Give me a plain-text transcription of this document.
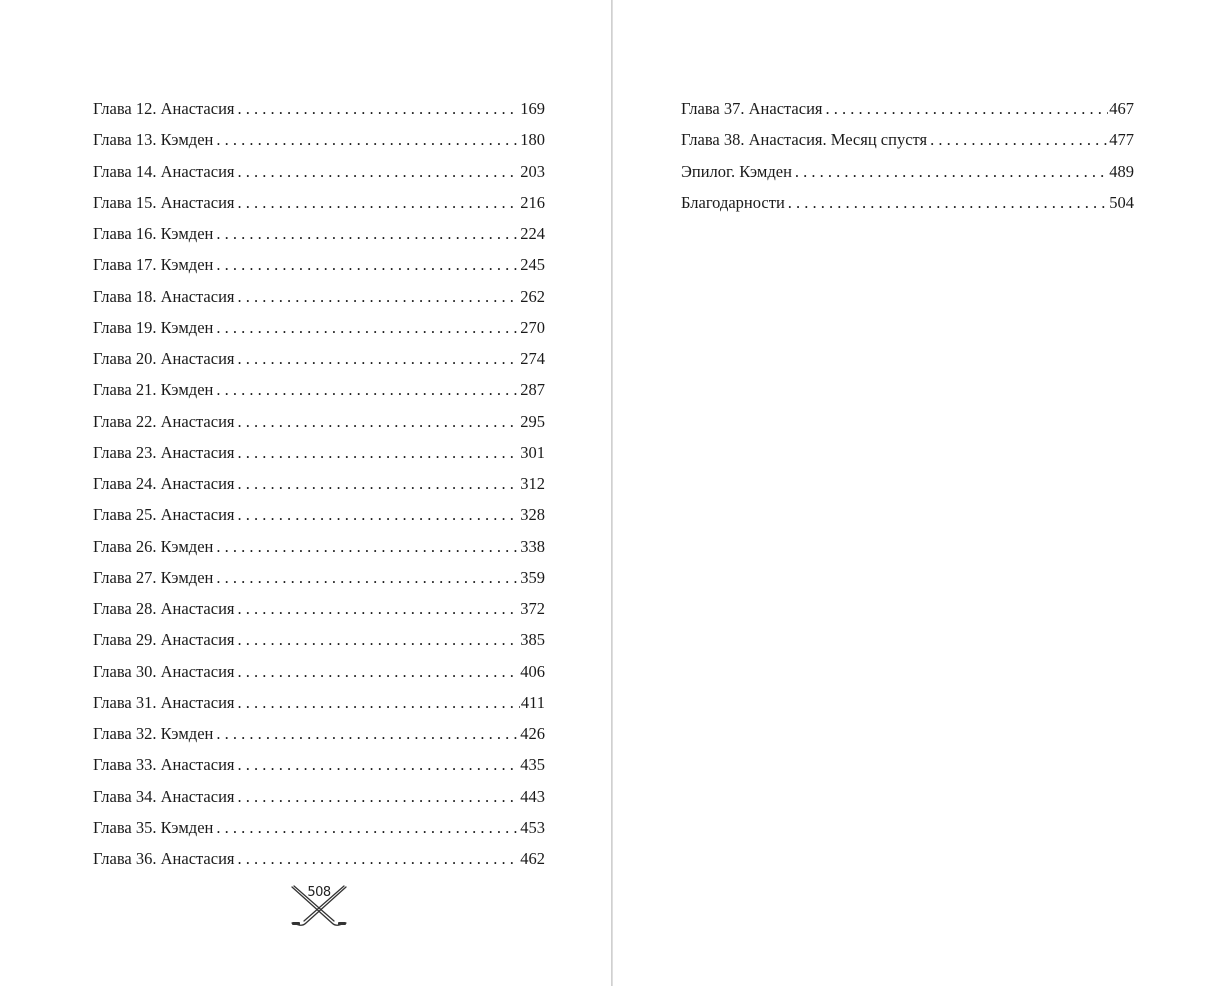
Глава 12. Анастасия . . .	169
Глава 13. Кэмден . . .	180
Глава 14. Анастасия . . .	203
Глава 15. Анастасия . . .	216
Глава 16. Кэмден . . .	224
Глава 17. Кэмден . . .	245
Глава 18. Анастасия . . .	262
Глава 19. Кэмден . . .	270
Глава 20. Анастасия . . .	274
Глава 21. Кэмден . . .	287
Глава 22. Анастасия . . .	295
Глава 23. Анастасия . . .	301
Глава 24. Анастасия . . .	312
Глава 25. Анастасия . . .	328
Глава 26. Кэмден . . .	338
Глава 27. Кэмден . . .	359
Глава 28. Анастасия . . .	372
Глава 29. Анастасия . . .	385
Глава 30. Анастасия . . .	406
Глава 31. Анастасия . . .	411
Глава 32. Кэмден . . .	426
Глава 33. Анастасия . . .	435
Глава 34. Анастасия . . .	443
Глава 35. Кэмден . . .	453
Глава 36. Анастасия . . .	462
508
Глава 37. Анастасия . . .	467
Глава 38. Анастасия. Месяц спустя . . .	477
Эпилог. Кэмден . . .	489
Благодарности . . .	504
